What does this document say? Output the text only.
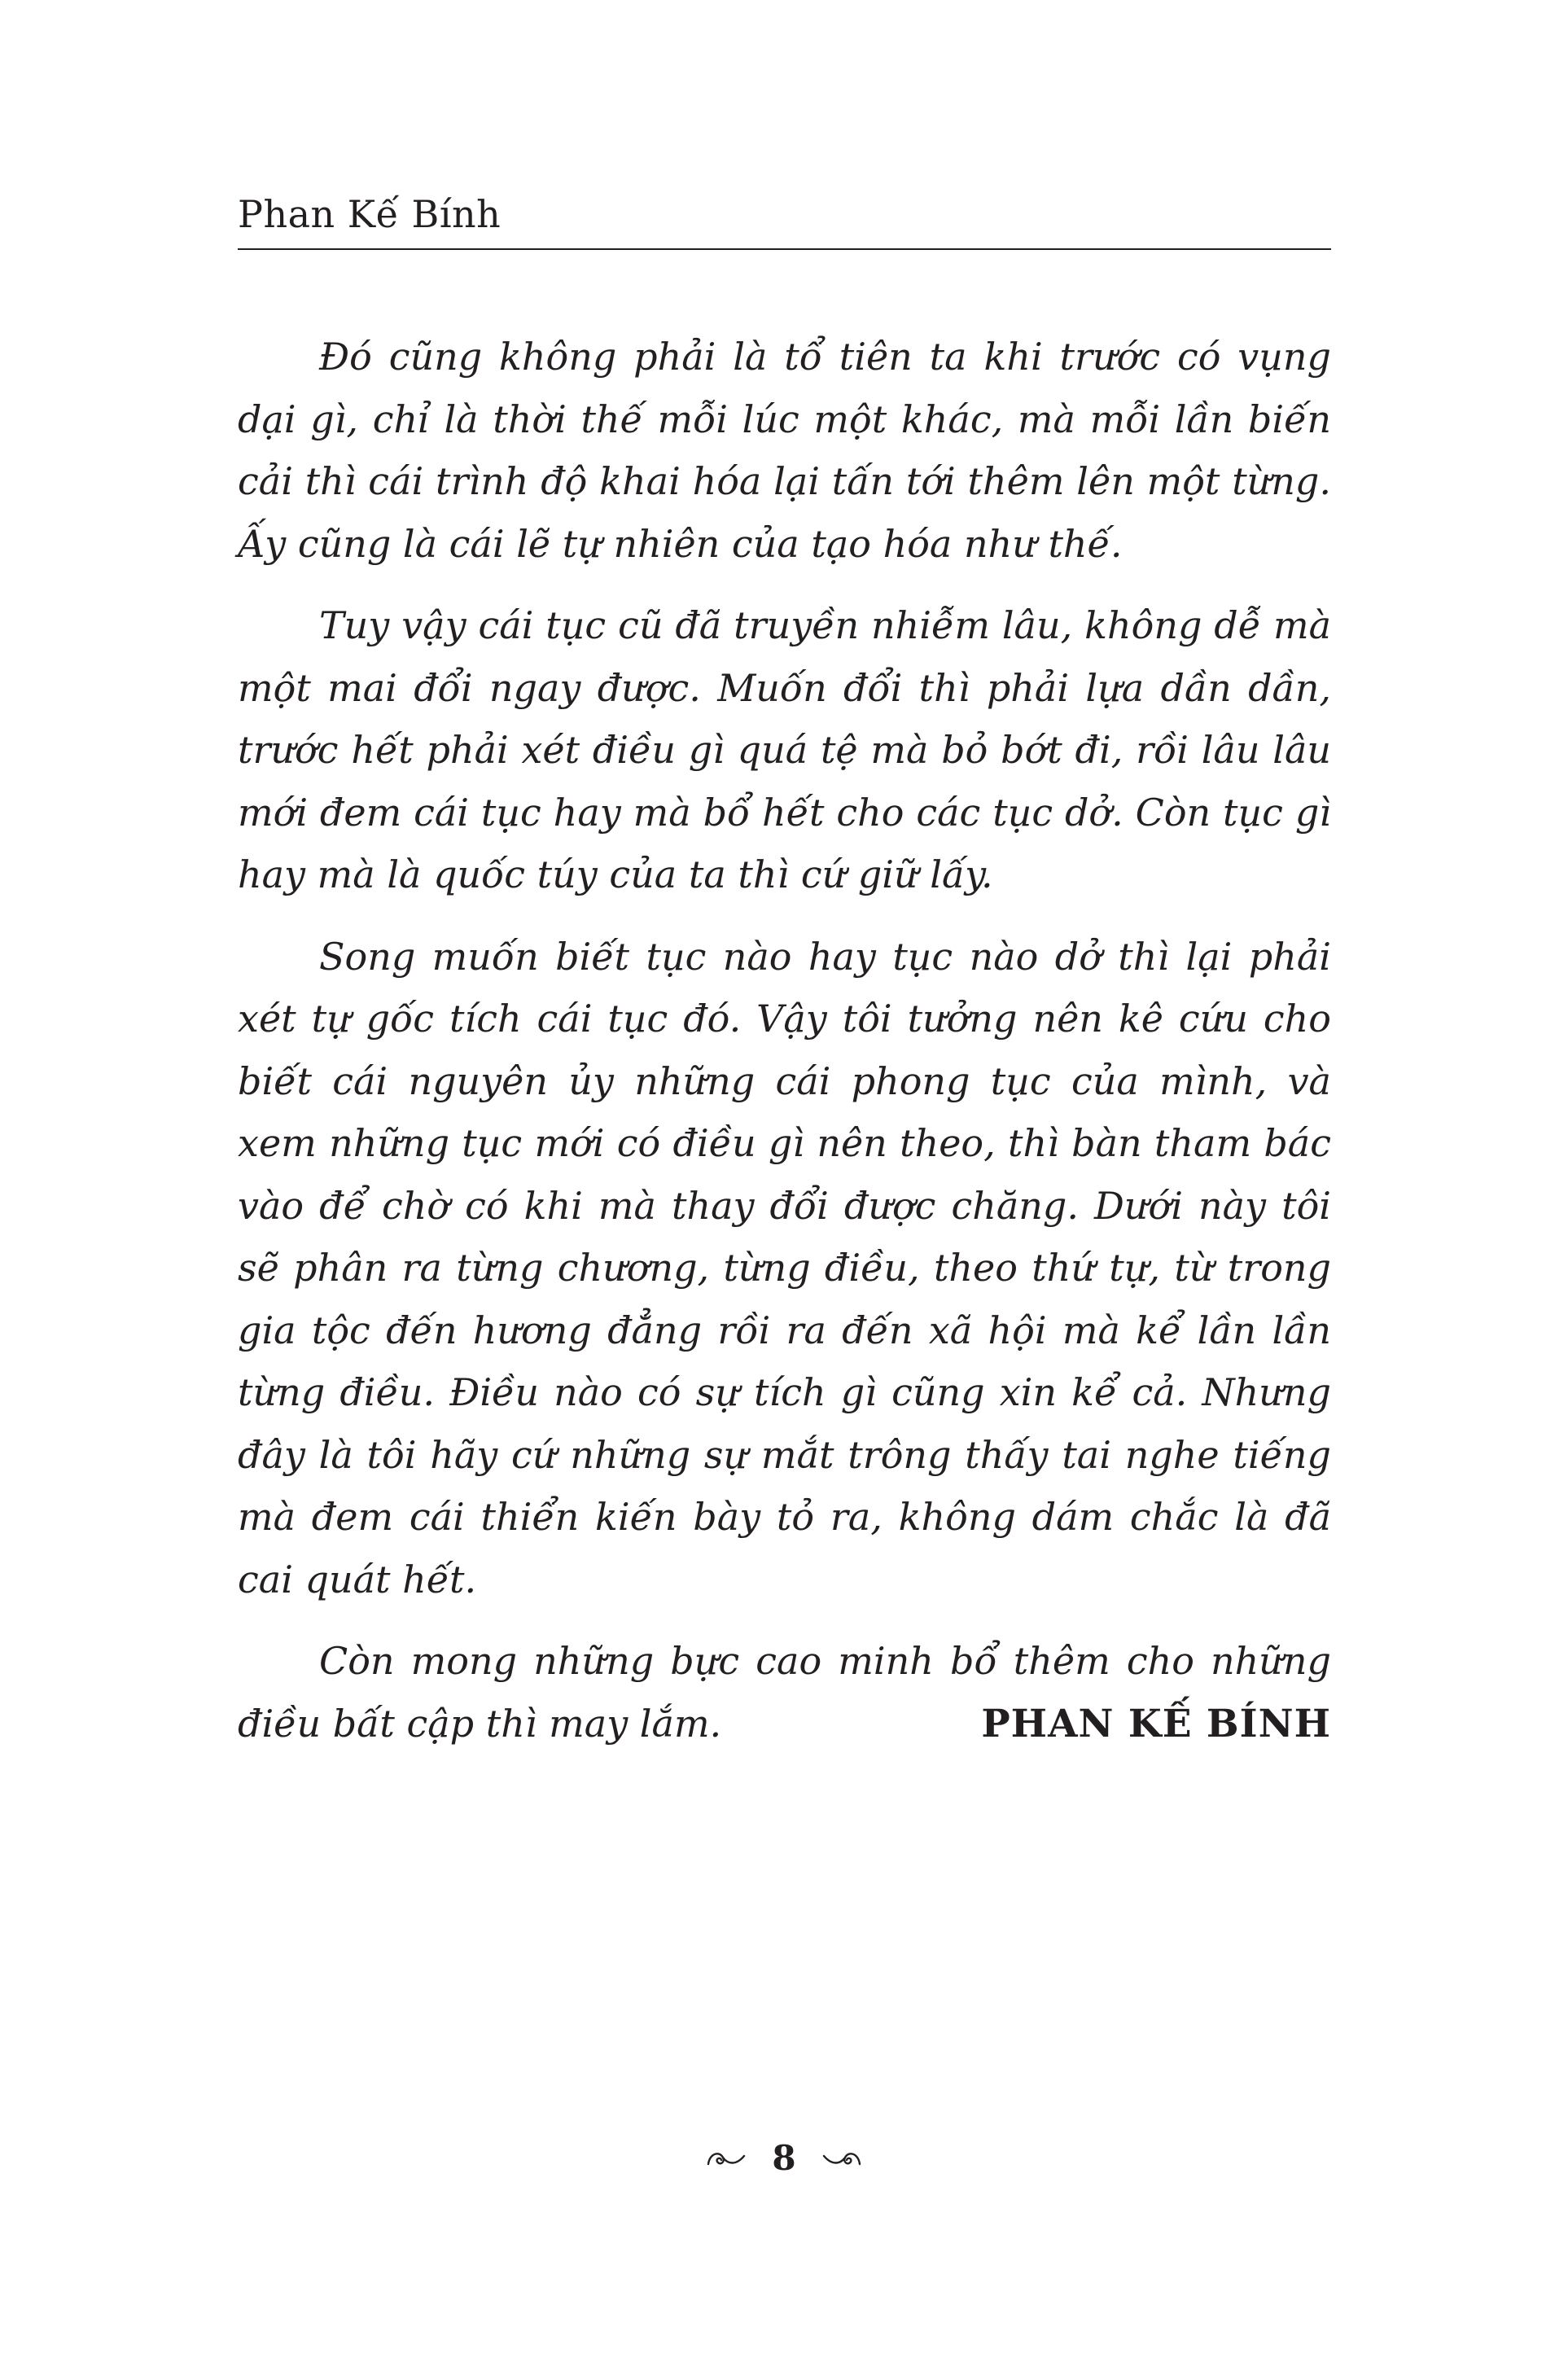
Phan Kế Bính

Đó cũng không phải là tổ tiên ta khi trước có vụng dại gì, chỉ là thời thế mỗi lúc một khác, mà mỗi lần biến cải thì cái trình độ khai hóa lại tấn tới thêm lên một từng. Ấy cũng là cái lẽ tự nhiên của tạo hóa như thế.

Tuy vậy cái tục cũ đã truyền nhiễm lâu, không dễ mà một mai đổi ngay được. Muốn đổi thì phải lựa dần dần, trước hết phải xét điều gì quá tệ mà bỏ bớt đi, rồi lâu lâu mới đem cái tục hay mà bổ hết cho các tục dở. Còn tục gì hay mà là quốc túy của ta thì cứ giữ lấy.

Song muốn biết tục nào hay tục nào dở thì lại phải xét tự gốc tích cái tục đó. Vậy tôi tưởng nên kê cứu cho biết cái nguyên ủy những cái phong tục của mình, và xem những tục mới có điều gì nên theo, thì bàn tham bác vào để chờ có khi mà thay đổi được chăng. Dưới này tôi sẽ phân ra từng chương, từng điều, theo thứ tự, từ trong gia tộc đến hương đẳng rồi ra đến xã hội mà kể lần lần từng điều. Điều nào có sự tích gì cũng xin kể cả. Nhưng đây là tôi hãy cứ những sự mắt trông thấy tai nghe tiếng mà đem cái thiển kiến bày tỏ ra, không dám chắc là đã cai quát hết.

Còn mong những bực cao minh bổ thêm cho những điều bất cập thì may lắm.	PHAN KẾ BÍNH
8
